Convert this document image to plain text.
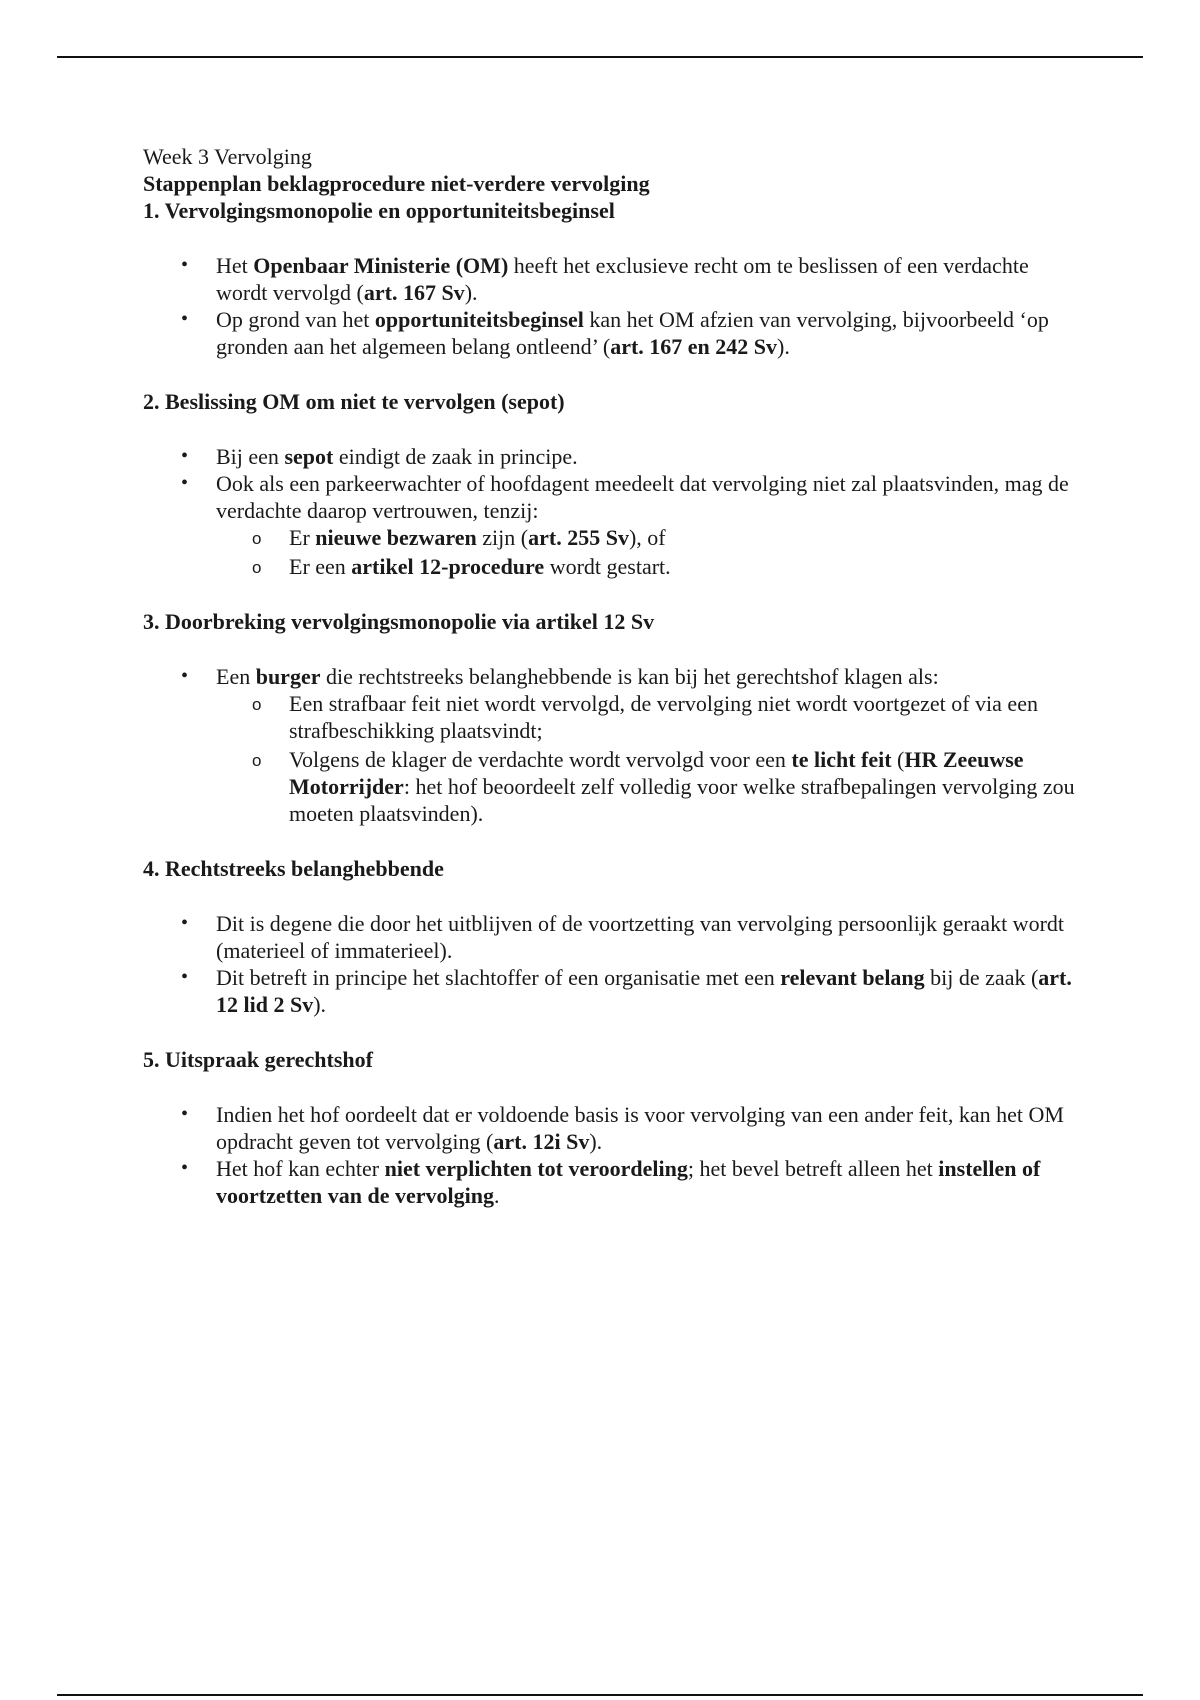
Week 3 Vervolging

Stappenplan beklagprocedure niet-verdere vervolging

1. Vervolgingsmonopolie en opportuniteitsbeginsel

• Het Openbaar Ministerie (OM) heeft het exclusieve recht om te beslissen of een verdachte wordt vervolgd (art. 167 Sv).
• Op grond van het opportuniteitsbeginsel kan het OM afzien van vervolging, bijvoorbeeld ‘op gronden aan het algemeen belang ontleend’ (art. 167 en 242 Sv).

2. Beslissing OM om niet te vervolgen (sepot)

• Bij een sepot eindigt de zaak in principe.
• Ook als een parkeerwachter of hoofdagent meedeelt dat vervolging niet zal plaatsvinden, mag de verdachte daarop vertrouwen, tenzij:
o Er nieuwe bezwaren zijn (art. 255 Sv), of
o Er een artikel 12-procedure wordt gestart.

3. Doorbreking vervolgingsmonopolie via artikel 12 Sv

• Een burger die rechtstreeks belanghebbende is kan bij het gerechtshof klagen als:
o Een strafbaar feit niet wordt vervolgd, de vervolging niet wordt voortgezet of via een strafbeschikking plaatsvindt;
o Volgens de klager de verdachte wordt vervolgd voor een te licht feit (HR Zeeuwse Motorrijder: het hof beoordeelt zelf volledig voor welke strafbepalingen vervolging zou moeten plaatsvinden).

4. Rechtstreeks belanghebbende

• Dit is degene die door het uitblijven of de voortzetting van vervolging persoonlijk geraakt wordt (materieel of immaterieel).
• Dit betreft in principe het slachtoffer of een organisatie met een relevant belang bij de zaak (art. 12 lid 2 Sv).

5. Uitspraak gerechtshof

• Indien het hof oordeelt dat er voldoende basis is voor vervolging van een ander feit, kan het OM opdracht geven tot vervolging (art. 12i Sv).
• Het hof kan echter niet verplichten tot veroordeling; het bevel betreft alleen het instellen of voortzetten van de vervolging.
